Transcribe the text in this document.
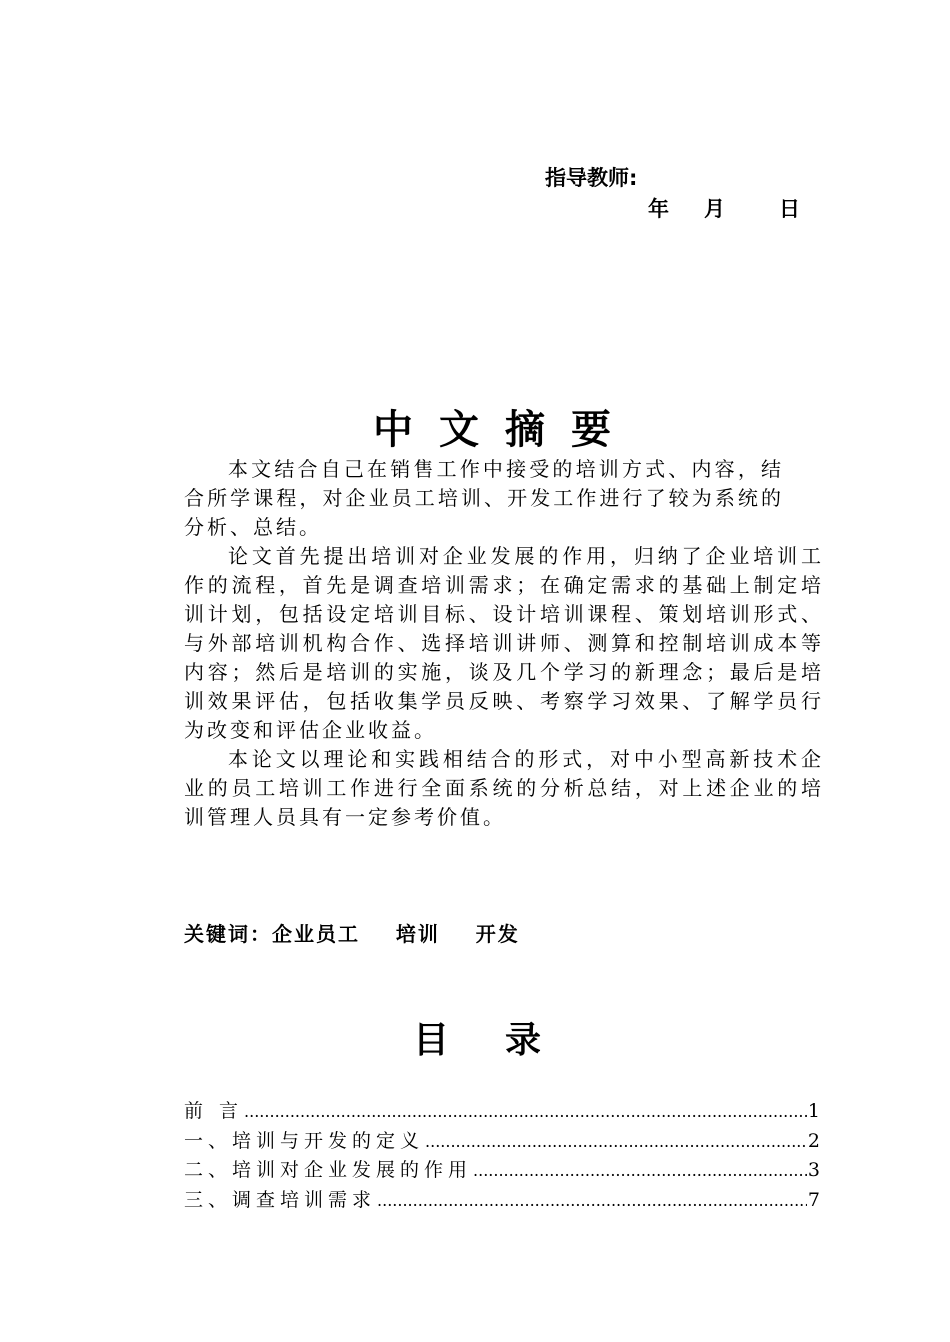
指导教师:
年 月	日
中文摘要

本文结合自己在销售工作中接受的培训方式、内容，结合所学课程，对企业员工培训、开发工作进行了较为系统的分析、总结。

论文首先提出培训对企业发展的作用，归纳了企业培训工作的流程，首先是调查培训需求；在确定需求的基础上制定培训计划，包括设定培训目标、设计培训课程、策划培训形式、与外部培训机构合作、选择培训讲师、测算和控制培训成本等内容；然后是培训的实施，谈及几个学习的新理念；最后是培训效果评估，包括收集学员反映、考察学习效果、了解学员行为改变和评估企业收益。

本论文以理论和实践相结合的形式，对中小型高新技术企业的员工培训工作进行全面系统的分析总结，对上述企业的培训管理人员具有一定参考价值。

关键词：企业员工    培训    开发
目录
前 言 .....	1
一、培训与开发的定义 .....	2
二、培训对企业发展的作用 .....	3
三、调查培训需求 .....	7
